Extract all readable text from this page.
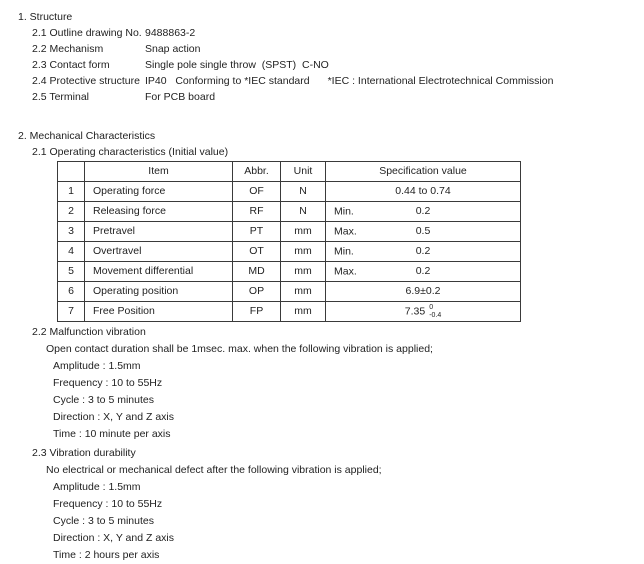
1. Structure
2.1 Outline drawing No. 9488863-2
2.2 Mechanism	Snap action
2.3 Contact form	Single pole single throw  (SPST)  C-NO
2.4 Protective structure IP40   Conforming to *IEC standard *IEC : International Electrotechnical Commission
2.5 Terminal	For PCB board
2. Mechanical Characteristics
2.1 Operating characteristics (Initial value)
	Item	Abbr.	Unit	Specification value
1	Operating force	OF	N	0.44 to 0.74
2	Releasing force	RF	N	Min. 0.2
3	Pretravel	PT	mm	Max. 0.5
4	Overtravel	OT	mm	Min. 0.2
5	Movement differential	MD	mm	Max. 0.2
6	Operating position	OP	mm	6.9±0.2
7	Free Position	FP	mm	7.35 0
-0.4
2.2 Malfunction vibration
Open contact duration shall be 1msec. max. when the following vibration is applied;
Amplitude : 1.5mm
Frequency : 10 to 55Hz
Cycle : 3 to 5 minutes
Direction : X, Y and Z axis
Time : 10 minute per axis
2.3 Vibration durability
No electrical or mechanical defect after the following vibration is applied;
Amplitude : 1.5mm
Frequency : 10 to 55Hz
Cycle : 3 to 5 minutes
Direction : X, Y and Z axis
Time : 2 hours per axis
